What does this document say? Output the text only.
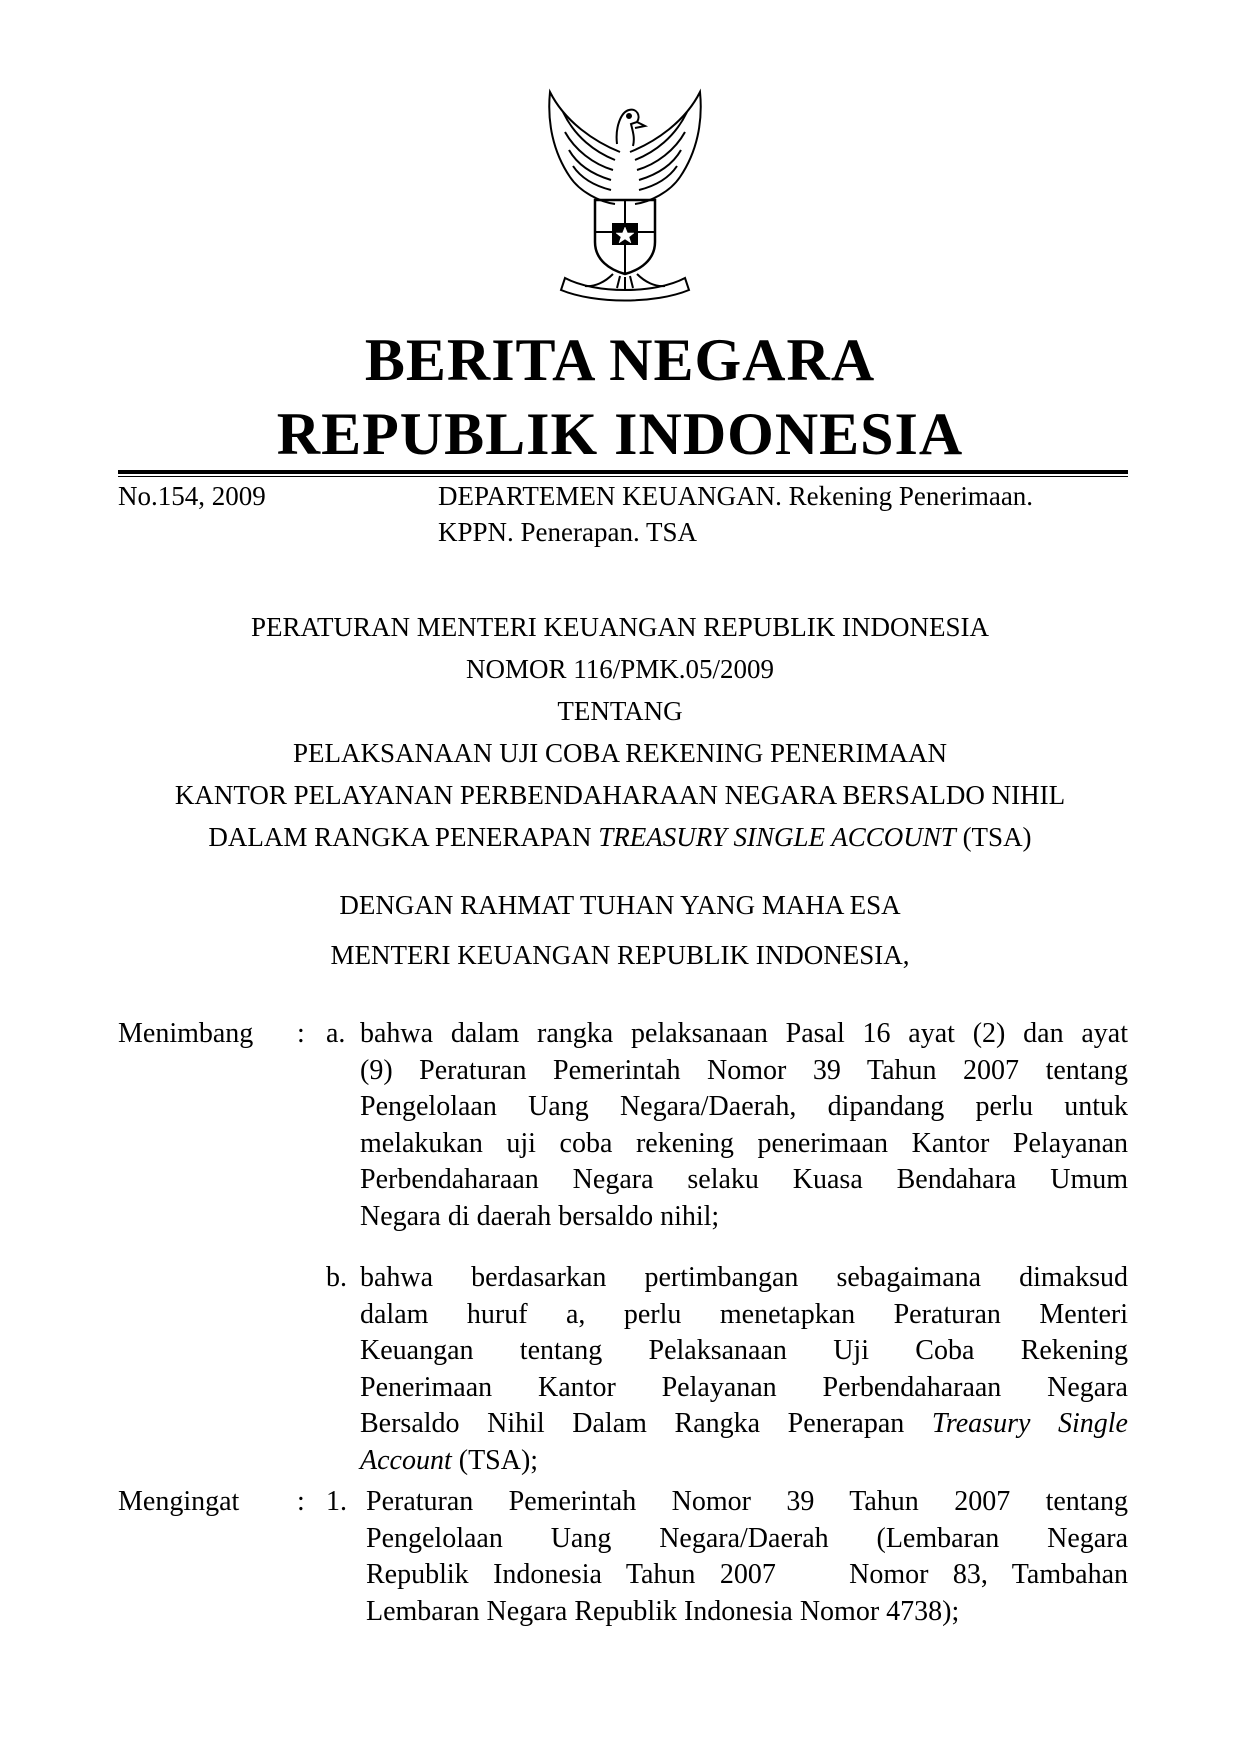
BERITA NEGARA
REPUBLIK INDONESIA
No.154, 2009	DEPARTEMEN KEUANGAN. Rekening Penerimaan.
KPPN. Penerapan. TSA
PERATURAN MENTERI KEUANGAN REPUBLIK INDONESIA
NOMOR 116/PMK.05/2009
TENTANG
PELAKSANAAN UJI COBA REKENING PENERIMAAN
KANTOR PELAYANAN PERBENDAHARAAN NEGARA BERSALDO NIHIL
DALAM RANGKA PENERAPAN TREASURY SINGLE ACCOUNT (TSA)
DENGAN RAHMAT TUHAN YANG MAHA ESA
MENTERI KEUANGAN REPUBLIK INDONESIA,
Menimbang	: a. bahwa dalam rangka pelaksanaan Pasal 16 ayat (2) dan ayat
(9) Peraturan Pemerintah Nomor 39 Tahun 2007 tentang
Pengelolaan Uang Negara/Daerah, dipandang perlu untuk
melakukan uji coba rekening penerimaan Kantor Pelayanan
Perbendaharaan Negara selaku Kuasa Bendahara Umum
Negara di daerah bersaldo nihil;
b. bahwa berdasarkan pertimbangan sebagaimana dimaksud
dalam huruf a, perlu menetapkan Peraturan Menteri
Keuangan tentang Pelaksanaan Uji Coba Rekening
Penerimaan Kantor Pelayanan Perbendaharaan Negara
Bersaldo Nihil Dalam Rangka Penerapan Treasury Single
Account (TSA);
Mengingat	: 1. Peraturan Pemerintah Nomor 39 Tahun 2007 tentang
Pengelolaan Uang Negara/Daerah (Lembaran Negara
Republik Indonesia Tahun 2007   Nomor 83, Tambahan
Lembaran Negara Republik Indonesia Nomor 4738);
